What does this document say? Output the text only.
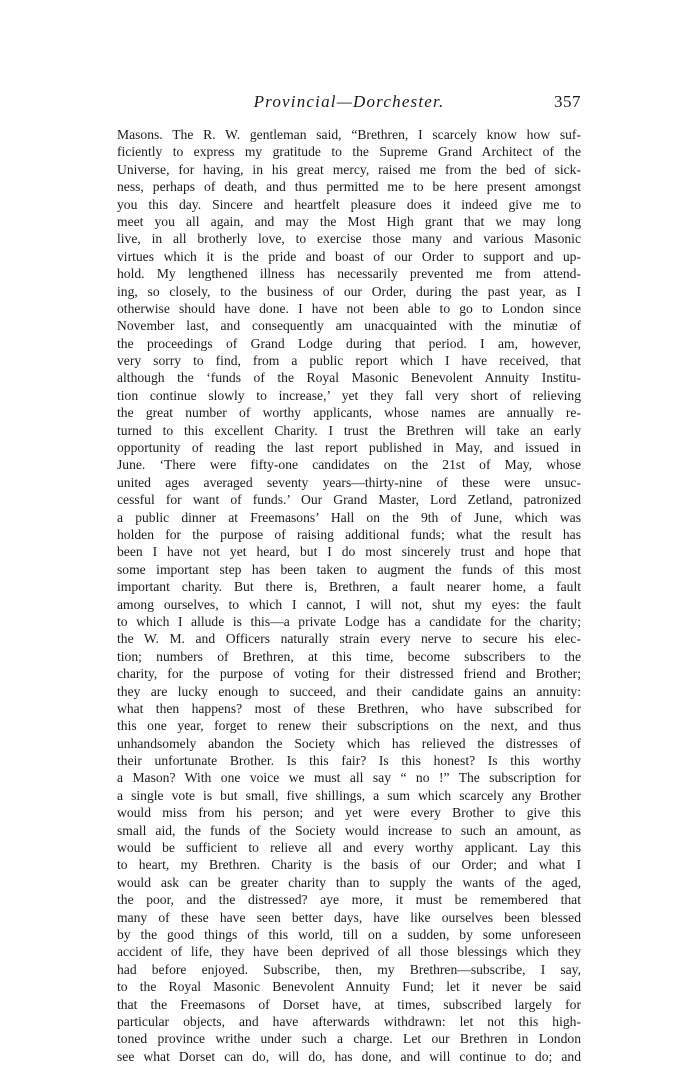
Provincial—Dorchester.	357
Masons. The R. W. gentleman said, “Brethren, I scarcely know how suf-
ficiently to express my gratitude to the Supreme Grand Architect of the
Universe, for having, in his great mercy, raised me from the bed of sick-
ness, perhaps of death, and thus permitted me to be here present amongst
you this day. Sincere and heartfelt pleasure does it indeed give me to
meet you all again, and may the Most High grant that we may long
live, in all brotherly love, to exercise those many and various Masonic
virtues which it is the pride and boast of our Order to support and up-
hold. My lengthened illness has necessarily prevented me from attend-
ing, so closely, to the business of our Order, during the past year, as I
otherwise should have done. I have not been able to go to London since
November last, and consequently am unacquainted with the minutiæ of
the proceedings of Grand Lodge during that period. I am, however,
very sorry to find, from a public report which I have received, that
although the ‘funds of the Royal Masonic Benevolent Annuity Institu-
tion continue slowly to increase,’ yet they fall very short of relieving
the great number of worthy applicants, whose names are annually re-
turned to this excellent Charity. I trust the Brethren will take an early
opportunity of reading the last report published in May, and issued in
June. ‘There were fifty-one candidates on the 21st of May, whose
united ages averaged seventy years—thirty-nine of these were unsuc-
cessful for want of funds.’ Our Grand Master, Lord Zetland, patronized
a public dinner at Freemasons’ Hall on the 9th of June, which was
holden for the purpose of raising additional funds; what the result has
been I have not yet heard, but I do most sincerely trust and hope that
some important step has been taken to augment the funds of this most
important charity. But there is, Brethren, a fault nearer home, a fault
among ourselves, to which I cannot, I will not, shut my eyes: the fault
to which I allude is this—a private Lodge has a candidate for the charity;
the W. M. and Officers naturally strain every nerve to secure his elec-
tion; numbers of Brethren, at this time, become subscribers to the
charity, for the purpose of voting for their distressed friend and Brother;
they are lucky enough to succeed, and their candidate gains an annuity:
what then happens? most of these Brethren, who have subscribed for
this one year, forget to renew their subscriptions on the next, and thus
unhandsomely abandon the Society which has relieved the distresses of
their unfortunate Brother. Is this fair? Is this honest? Is this worthy
a Mason? With one voice we must all say “ no !” The subscription for
a single vote is but small, five shillings, a sum which scarcely any Brother
would miss from his person; and yet were every Brother to give this
small aid, the funds of the Society would increase to such an amount, as
would be sufficient to relieve all and every worthy applicant. Lay this
to heart, my Brethren. Charity is the basis of our Order; and what I
would ask can be greater charity than to supply the wants of the aged,
the poor, and the distressed? aye more, it must be remembered that
many of these have seen better days, have like ourselves been blessed
by the good things of this world, till on a sudden, by some unforeseen
accident of life, they have been deprived of all those blessings which they
had before enjoyed. Subscribe, then, my Brethren—subscribe, I say,
to the Royal Masonic Benevolent Annuity Fund; let it never be said
that the Freemasons of Dorset have, at times, subscribed largely for
particular objects, and have afterwards withdrawn: let not this high-
toned province writhe under such a charge. Let our Brethren in London
see what Dorset can do, will do, has done, and will continue to do; and
